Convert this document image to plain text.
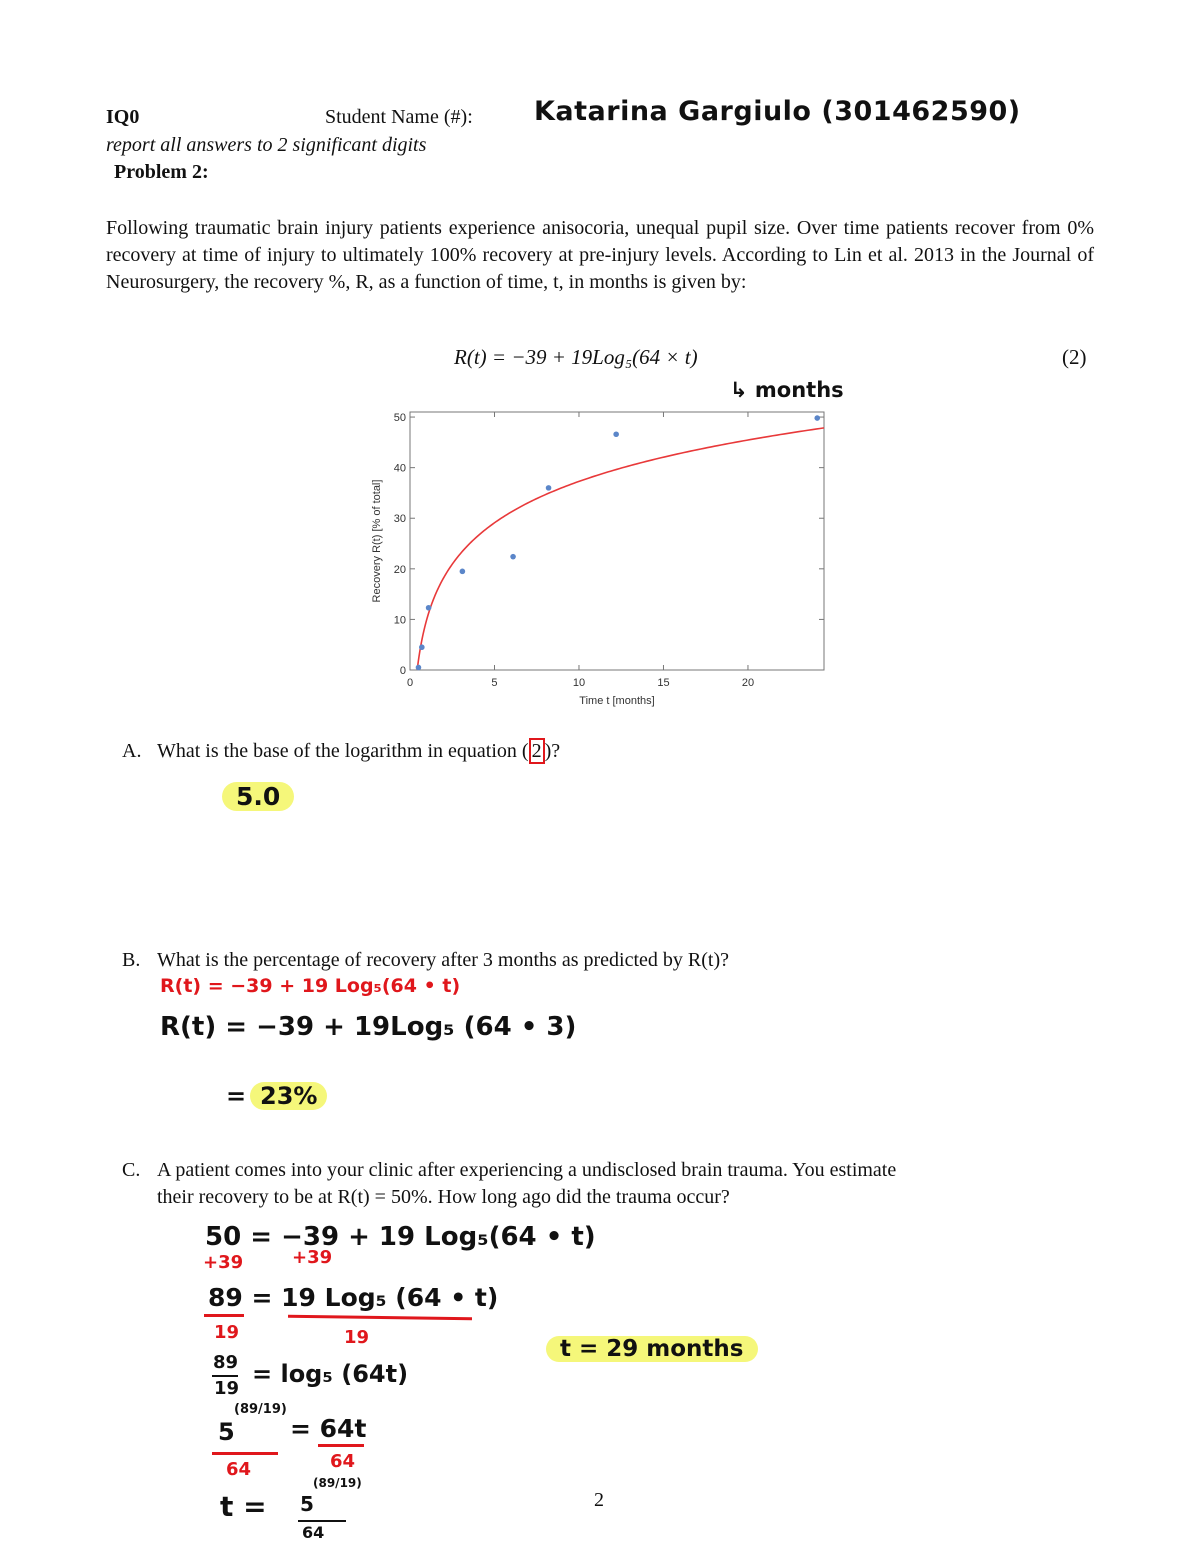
IQ0	Student Name (#): Katarina Gargiulo (301462590)
report all answers to 2 significant digits
Problem 2:
Following traumatic brain injury patients experience anisocoria, unequal pupil size. Over time patients recover from 0% recovery at time of injury to ultimately 100% recovery at pre-injury levels. According to Lin et al. 2013 in the Journal of Neurosurgery, the recovery %, R, as a function of time, t, in months is given by:
R(t) = −39 + 19Log₅(64 × t)	(2)
↳ months
0	5	10	15	20
0
10
20
30
40
50
Time t [months]
Recovery R(t) [% of total]
A. What is the base of the logarithm in equation ( 2 )?
5.0
B. What is the percentage of recovery after 3 months as predicted by R(t)?
R(t) = −39 + 19 Log₅(64 • t)
R(t) = −39 + 19Log₅ (64 • 3)
= 23%
C. A patient comes into your clinic after experiencing a undisclosed brain trauma. You estimate
their recovery to be at R(t) = 50%. How long ago did the trauma occur?
50 = −39 + 19 Log₅(64 • t)
+39	+39
89 = 19 Log₅ (64 • t)
19	19
89
19
= log₅ (64t)
5
(89/19)
= 64t
64	64
t = 5
(89/19)
64
t = 29 months
2
